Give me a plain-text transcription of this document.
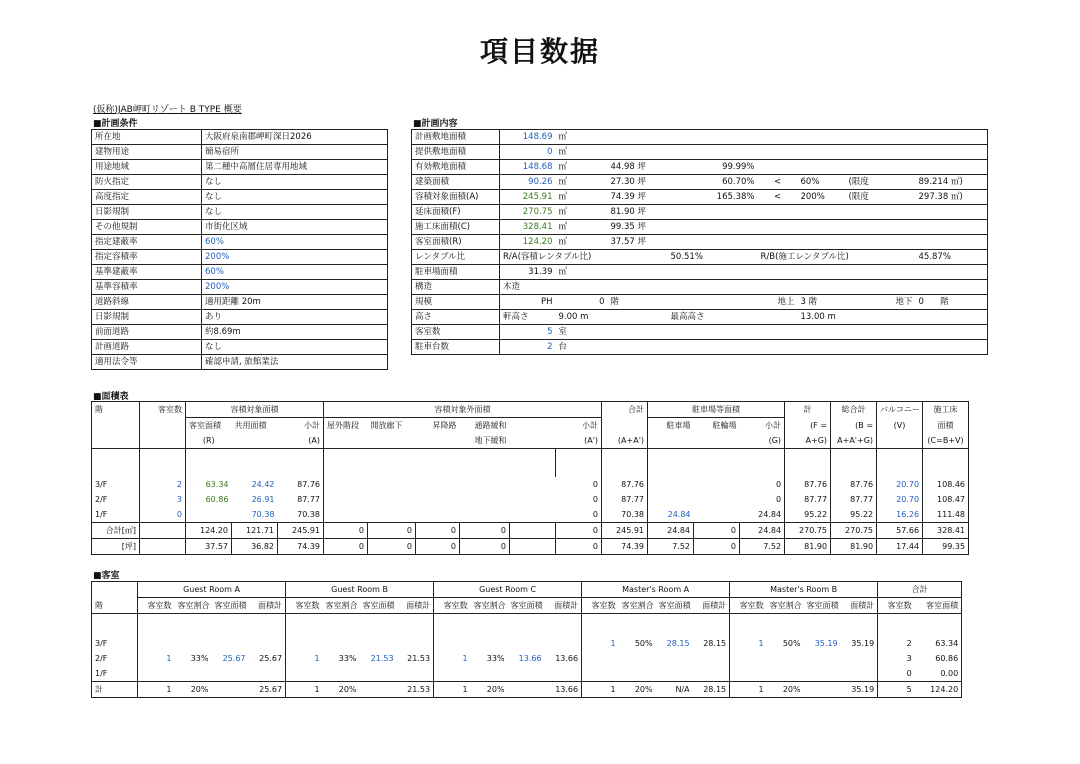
項目数据
(仮称)JAB岬町リゾート B TYPE 概要
■計画条件
所在地	大阪府泉南郡岬町深日2026
建物用途	簡易宿所
用途地域	第二種中高層住居専用地域
防火指定	なし
高度指定	なし
日影規制	なし
その他規制	市街化区域
指定建蔽率	60%
指定容積率	200%
基準建蔽率	60%
基準容積率	200%
道路斜線	適用距離 20m
日影規制	あり
前面道路	約8.69m
計画道路	なし
適用法令等	確認申請, 旅館業法
■計画内容
計画敷地面積	148.69	㎡							
提供敷地面積	0	㎡							
有効敷地面積	148.68	㎡	44.98 坪	99.99%					
建築面積	90.26	㎡	27.30 坪	60.70%		<	60%	(限度	89.214 ㎡)
容積対象面積(A)	245.91	㎡	74.39 坪	165.38%		<	200%	(限度	297.38 ㎡)
延床面積(F)	270.75	㎡	81.90 坪						
施工床面積(C)	328.41	㎡	99.35 坪						
客室面積(R)	124.20	㎡	37.57 坪						
レンタブル比	R/A(容積レンタブル比)			50.51%		R/B(施工レンタブル比)			45.87%
駐車場面積	31.39	㎡							
構造	木造								
規模	PH	0	階		地上		3 階	地下	0 階
高さ	軒高さ	9.00 m		最高高さ			13.00 m		
客室数	5	室							
駐車台数	2	台							
■面積表
階	客室数	容積対象面積			容積対象外面積						合計	駐車場等面積			計	総合計	バルコニー	施工床	
		客室面積	共用面積	小計	屋外階段	開放廊下	昇降路	通路緩和		小計		駐車場	駐輪場	小計	(F =	(B =	(V)	面積	
		(R)		(A)				地下緩和		(A')	(A+A')			(G)	A+G)	A+A'+G)		(C=B+V)	

3/F	2	63.34	24.42	87.76						0	87.76			0	87.76	87.76	20.70	108.46	
2/F	3	60.86	26.91	87.77						0	87.77			0	87.77	87.77	20.70	108.47	
1/F	0		70.38	70.38						0	70.38	24.84		24.84	95.22	95.22	16.26	111.48	
合計[㎡]		124.20	121.71	245.91	0	0	0	0		0	245.91	24.84	0	24.84	270.75	270.75	57.66	328.41	
[坪]		37.57	36.82	74.39	0	0	0	0		0	74.39	7.52	0	7.52	81.90	81.90	17.44	99.35	
■客室
	Guest Room A				Guest Room B				Guest Room C				Master's Room A				Master's Room B				合計	
階	客室数	客室割合	客室面積	面積計	客室数	客室割合	客室面積	面積計	客室数	客室割合	客室面積	面積計	客室数	客室割合	客室面積	面積計	客室数	客室割合	客室面積	面積計	客室数	客室面積

3/F													1	50%	28.15	28.15	1	50%	35.19	35.19	2	63.34
2/F	1	33%	25.67	25.67	1	33%	21.53	21.53	1	33%	13.66	13.66									3	60.86
1/F																					0	0.00
計	1	20%		25.67	1	20%		21.53	1	20%		13.66	1	20%	N/A	28.15	1	20%		35.19	5	124.20
